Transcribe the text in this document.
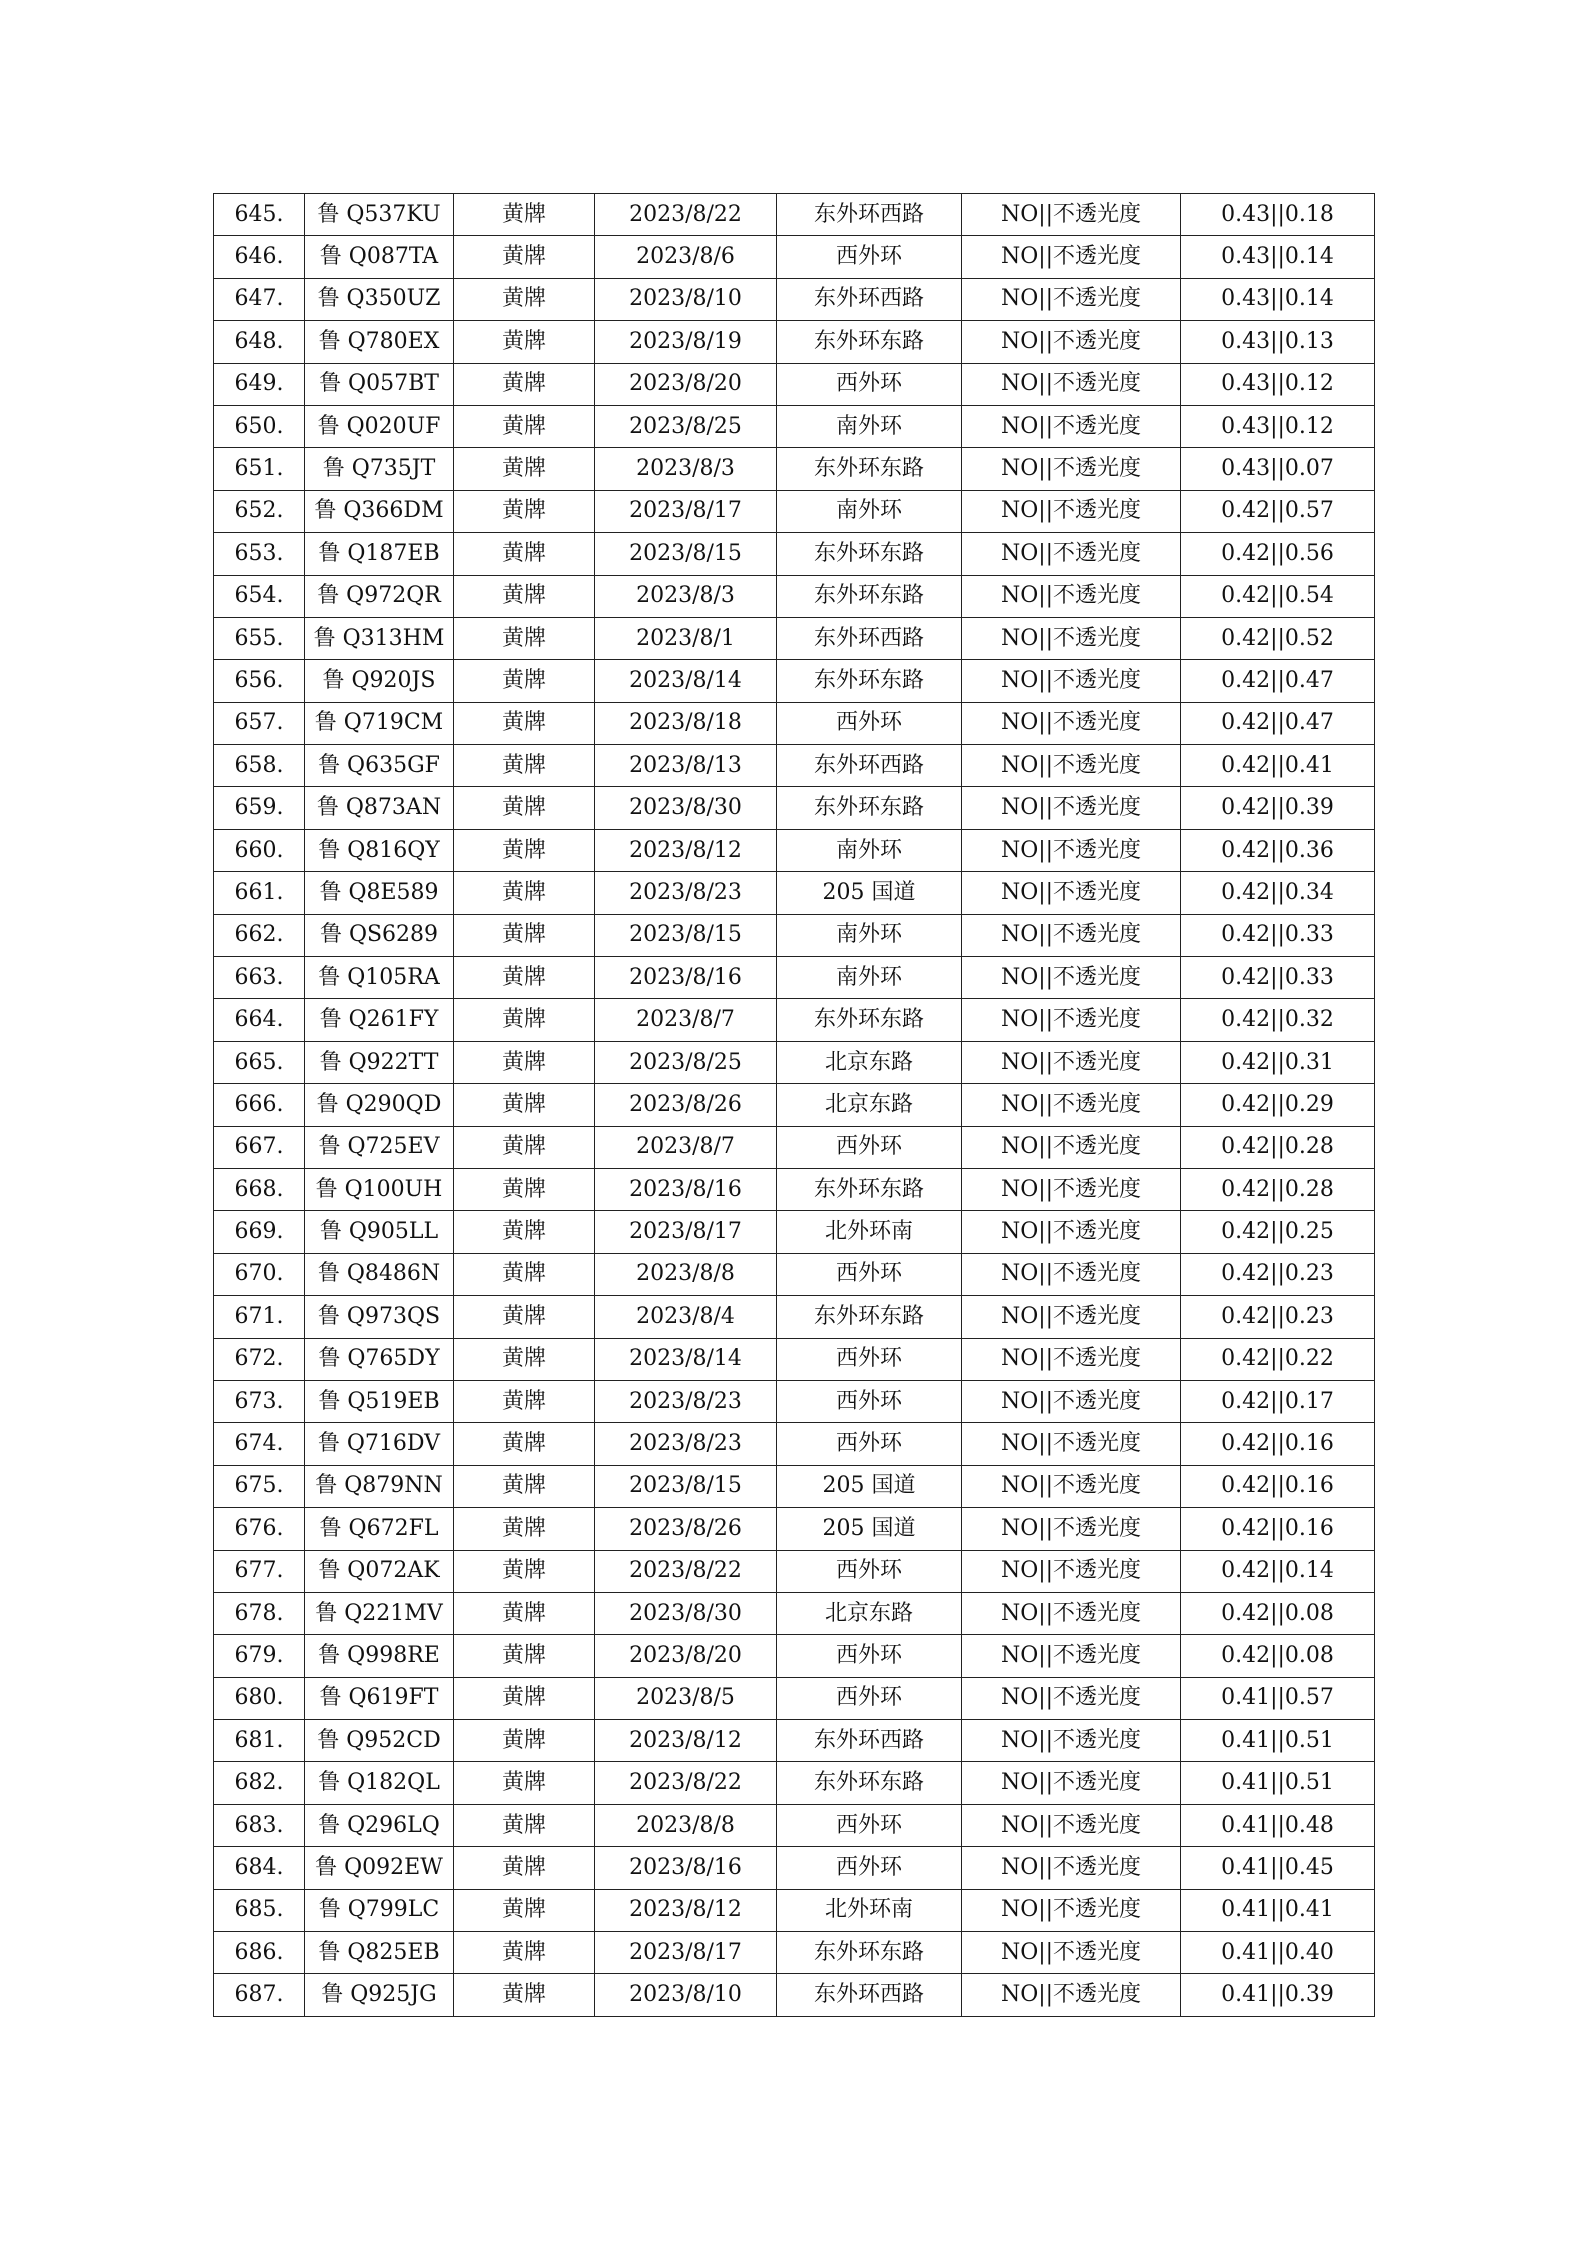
645.	鲁 Q537KU	黄牌	2023/8/22	东外环西路	NO||不透光度	0.43||0.18
646.	鲁 Q087TA	黄牌	2023/8/6	西外环	NO||不透光度	0.43||0.14
647.	鲁 Q350UZ	黄牌	2023/8/10	东外环西路	NO||不透光度	0.43||0.14
648.	鲁 Q780EX	黄牌	2023/8/19	东外环东路	NO||不透光度	0.43||0.13
649.	鲁 Q057BT	黄牌	2023/8/20	西外环	NO||不透光度	0.43||0.12
650.	鲁 Q020UF	黄牌	2023/8/25	南外环	NO||不透光度	0.43||0.12
651.	鲁 Q735JT	黄牌	2023/8/3	东外环东路	NO||不透光度	0.43||0.07
652.	鲁 Q366DM	黄牌	2023/8/17	南外环	NO||不透光度	0.42||0.57
653.	鲁 Q187EB	黄牌	2023/8/15	东外环东路	NO||不透光度	0.42||0.56
654.	鲁 Q972QR	黄牌	2023/8/3	东外环东路	NO||不透光度	0.42||0.54
655.	鲁 Q313HM	黄牌	2023/8/1	东外环西路	NO||不透光度	0.42||0.52
656.	鲁 Q920JS	黄牌	2023/8/14	东外环东路	NO||不透光度	0.42||0.47
657.	鲁 Q719CM	黄牌	2023/8/18	西外环	NO||不透光度	0.42||0.47
658.	鲁 Q635GF	黄牌	2023/8/13	东外环西路	NO||不透光度	0.42||0.41
659.	鲁 Q873AN	黄牌	2023/8/30	东外环东路	NO||不透光度	0.42||0.39
660.	鲁 Q816QY	黄牌	2023/8/12	南外环	NO||不透光度	0.42||0.36
661.	鲁 Q8E589	黄牌	2023/8/23	205 国道	NO||不透光度	0.42||0.34
662.	鲁 QS6289	黄牌	2023/8/15	南外环	NO||不透光度	0.42||0.33
663.	鲁 Q105RA	黄牌	2023/8/16	南外环	NO||不透光度	0.42||0.33
664.	鲁 Q261FY	黄牌	2023/8/7	东外环东路	NO||不透光度	0.42||0.32
665.	鲁 Q922TT	黄牌	2023/8/25	北京东路	NO||不透光度	0.42||0.31
666.	鲁 Q290QD	黄牌	2023/8/26	北京东路	NO||不透光度	0.42||0.29
667.	鲁 Q725EV	黄牌	2023/8/7	西外环	NO||不透光度	0.42||0.28
668.	鲁 Q100UH	黄牌	2023/8/16	东外环东路	NO||不透光度	0.42||0.28
669.	鲁 Q905LL	黄牌	2023/8/17	北外环南	NO||不透光度	0.42||0.25
670.	鲁 Q8486N	黄牌	2023/8/8	西外环	NO||不透光度	0.42||0.23
671.	鲁 Q973QS	黄牌	2023/8/4	东外环东路	NO||不透光度	0.42||0.23
672.	鲁 Q765DY	黄牌	2023/8/14	西外环	NO||不透光度	0.42||0.22
673.	鲁 Q519EB	黄牌	2023/8/23	西外环	NO||不透光度	0.42||0.17
674.	鲁 Q716DV	黄牌	2023/8/23	西外环	NO||不透光度	0.42||0.16
675.	鲁 Q879NN	黄牌	2023/8/15	205 国道	NO||不透光度	0.42||0.16
676.	鲁 Q672FL	黄牌	2023/8/26	205 国道	NO||不透光度	0.42||0.16
677.	鲁 Q072AK	黄牌	2023/8/22	西外环	NO||不透光度	0.42||0.14
678.	鲁 Q221MV	黄牌	2023/8/30	北京东路	NO||不透光度	0.42||0.08
679.	鲁 Q998RE	黄牌	2023/8/20	西外环	NO||不透光度	0.42||0.08
680.	鲁 Q619FT	黄牌	2023/8/5	西外环	NO||不透光度	0.41||0.57
681.	鲁 Q952CD	黄牌	2023/8/12	东外环西路	NO||不透光度	0.41||0.51
682.	鲁 Q182QL	黄牌	2023/8/22	东外环东路	NO||不透光度	0.41||0.51
683.	鲁 Q296LQ	黄牌	2023/8/8	西外环	NO||不透光度	0.41||0.48
684.	鲁 Q092EW	黄牌	2023/8/16	西外环	NO||不透光度	0.41||0.45
685.	鲁 Q799LC	黄牌	2023/8/12	北外环南	NO||不透光度	0.41||0.41
686.	鲁 Q825EB	黄牌	2023/8/17	东外环东路	NO||不透光度	0.41||0.40
687.	鲁 Q925JG	黄牌	2023/8/10	东外环西路	NO||不透光度	0.41||0.39
